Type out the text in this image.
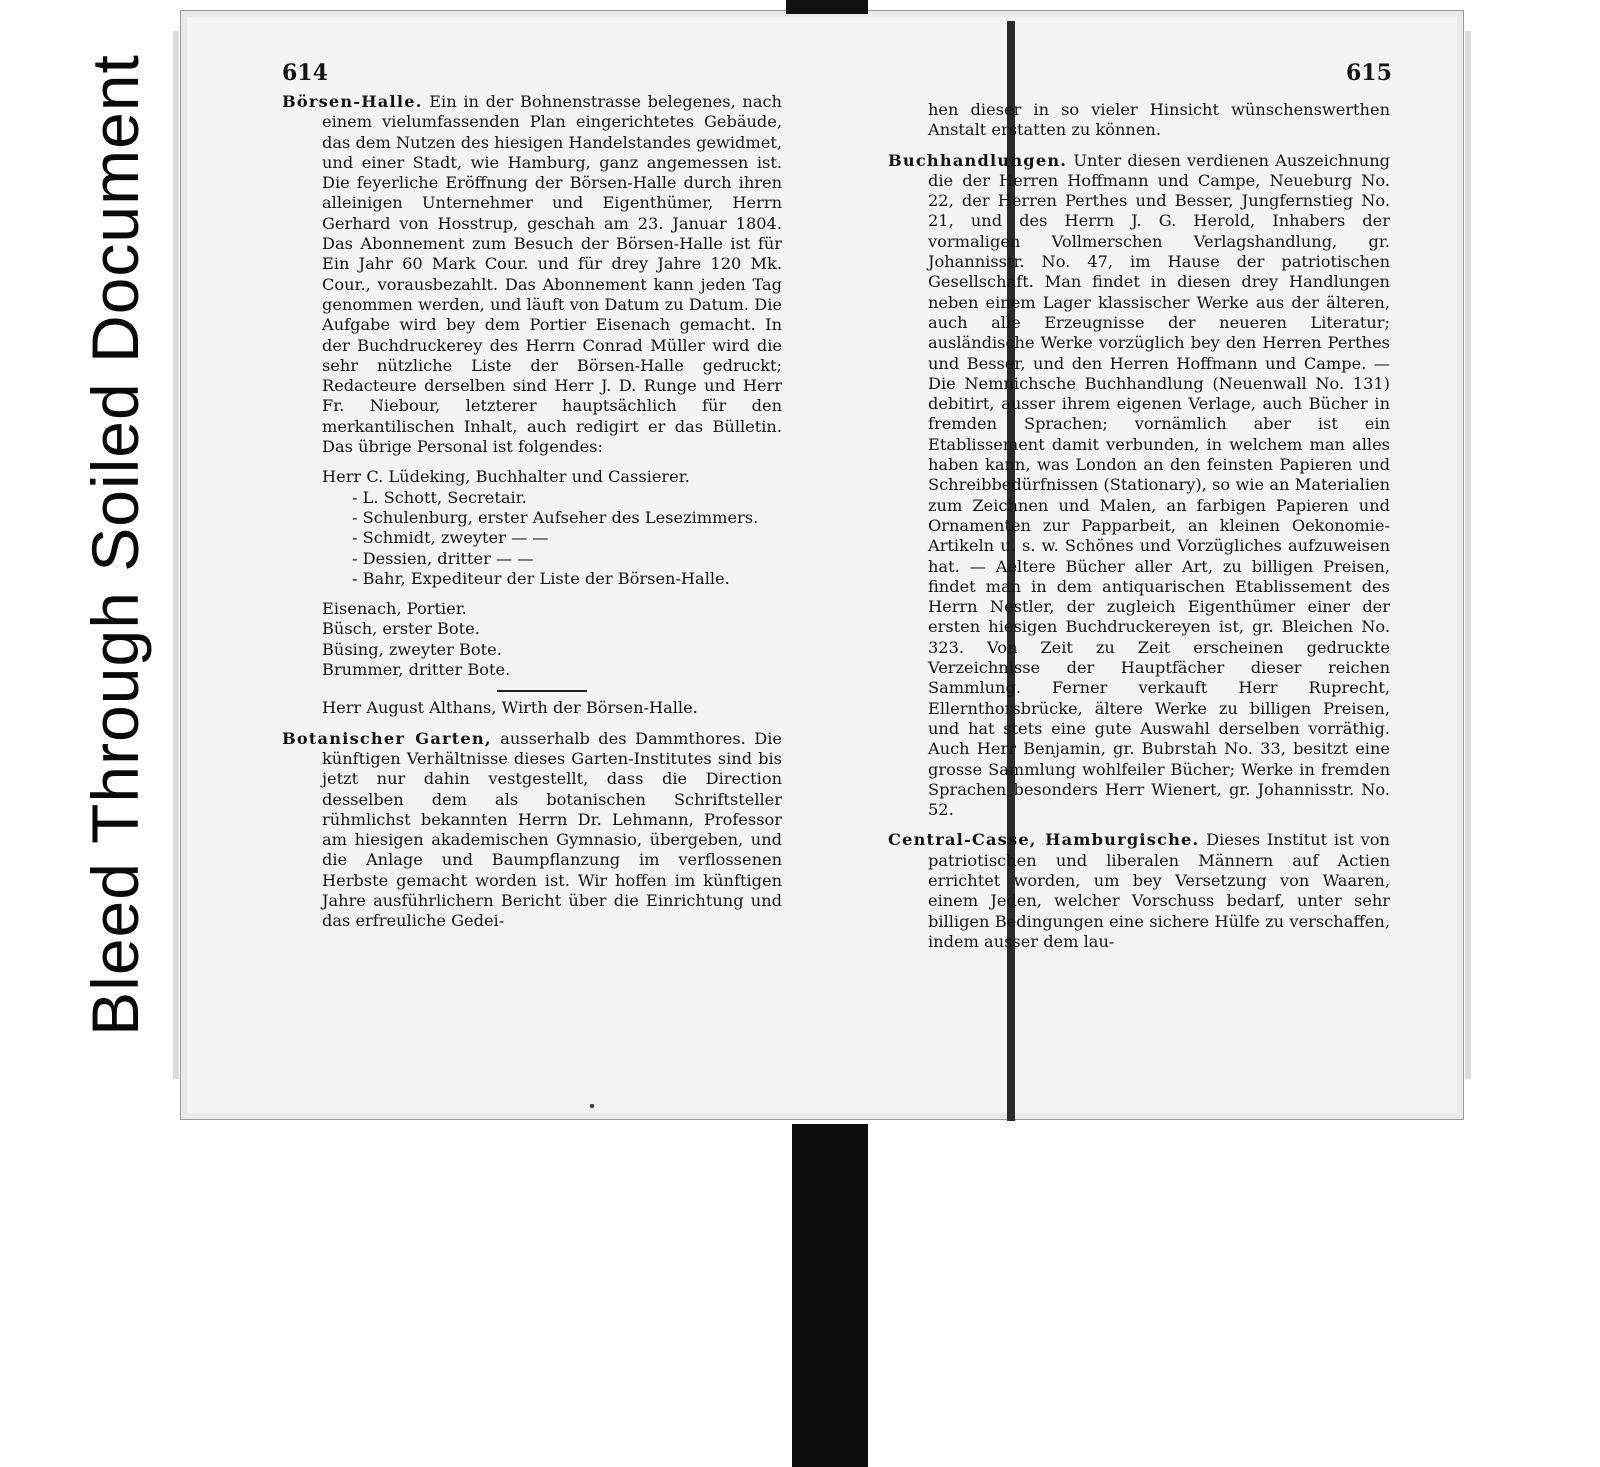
Bleed Through Soiled Document	614	615

Börsen-Halle. Ein in der Bohnenstrasse belegenes, nach einem vielumfassenden Plan eingerichtetes Gebäude, das dem Nutzen des hiesigen Handelstandes gewidmet, und einer Stadt, wie Hamburg, ganz angemessen ist. Die feyerliche Eröffnung der Börsen-Halle durch ihren alleinigen Unternehmer und Eigenthümer, Herrn Gerhard von Hosstrup, geschah am 23. Januar 1804. Das Abonnement zum Besuch der Börsen-Halle ist für Ein Jahr 60 Mark Cour. und für drey Jahre 120 Mk. Cour., vorausbezahlt. Das Abonnement kann jeden Tag genommen werden, und läuft von Datum zu Datum. Die Aufgabe wird bey dem Portier Eisenach gemacht. In der Buchdruckerey des Herrn Conrad Müller wird die sehr nützliche Liste der Börsen-Halle gedruckt; Redacteure derselben sind Herr J. D. Runge und Herr Fr. Niebour, letzterer hauptsächlich für den merkantilischen Inhalt, auch redigirt er das Bülletin. Das übrige Personal ist folgendes:

Herr C. Lüdeking, Buchhalter und Cassierer.
- L. Schott, Secretair.
- Schulenburg, erster Aufseher des Lesezimmers.
- Schmidt, zweyter — —
- Dessien, dritter — —
- Bahr, Expediteur der Liste der Börsen-Halle.
Eisenach, Portier.
Büsch, erster Bote.
Büsing, zweyter Bote.
Brummer, dritter Bote.
Herr August Althans, Wirth der Börsen-Halle.

Botanischer Garten, ausserhalb des Dammthores. Die künftigen Verhältnisse dieses Garten-Institutes sind bis jetzt nur dahin vestgestellt, dass die Direction desselben dem als botanischen Schriftsteller rühmlichst bekannten Herrn Dr. Lehmann, Professor am hiesigen akademischen Gymnasio, übergeben, und die Anlage und Baumpflanzung im verflossenen Herbste gemacht worden ist. Wir hoffen im künftigen Jahre ausführlichern Bericht über die Einrichtung und das erfreuliche Gedei-

hen dieser in so vieler Hinsicht wünschenswerthen Anstalt erstatten zu können.

Buchhandlungen. Unter diesen verdienen Auszeichnung die der Herren Hoffmann und Campe, Neueburg No. 22, der Herren Perthes und Besser, Jungfernstieg No. 21, und des Herrn J. G. Herold, Inhabers der vormaligen Vollmerschen Verlagshandlung, gr. Johannisstr. No. 47, im Hause der patriotischen Gesellschaft. Man findet in diesen drey Handlungen neben einem Lager klassischer Werke aus der älteren, auch alle Erzeugnisse der neueren Literatur; ausländische Werke vorzüglich bey den Herren Perthes und Besser, und den Herren Hoffmann und Campe. — Die Nemnichsche Buchhandlung (Neuenwall No. 131) debitirt, ausser ihrem eigenen Verlage, auch Bücher in fremden Sprachen; vornämlich aber ist ein Etablissement damit verbunden, in welchem man alles haben kann, was London an den feinsten Papieren und Schreibbedürfnissen (Stationary), so wie an Materialien zum Zeichnen und Malen, an farbigen Papieren und Ornamenten zur Papparbeit, an kleinen Oekonomie-Artikeln u. s. w. Schönes und Vorzügliches aufzuweisen hat. — Aeltere Bücher aller Art, zu billigen Preisen, findet man in dem antiquarischen Etablissement des Herrn Nestler, der zugleich Eigenthümer einer der ersten hiesigen Buchdruckereyen ist, gr. Bleichen No. 323. Von Zeit zu Zeit erscheinen gedruckte Verzeichnisse der Hauptfächer dieser reichen Sammlung. Ferner verkauft Herr Ruprecht, Ellernthorsbrücke, ältere Werke zu billigen Preisen, und hat stets eine gute Auswahl derselben vorräthig. Auch Herr Benjamin, gr. Bubrstah No. 33, besitzt eine grosse Sammlung wohlfeiler Bücher; Werke in fremden Sprachen besonders Herr Wienert, gr. Johannisstr. No. 52.

Central-Casse, Hamburgische. Dieses Institut ist von patriotischen und liberalen Männern auf Actien errichtet worden, um bey Versetzung von Waaren, einem Jeden, welcher Vorschuss bedarf, unter sehr billigen Bedingungen eine sichere Hülfe zu verschaffen, indem ausser dem lau-
